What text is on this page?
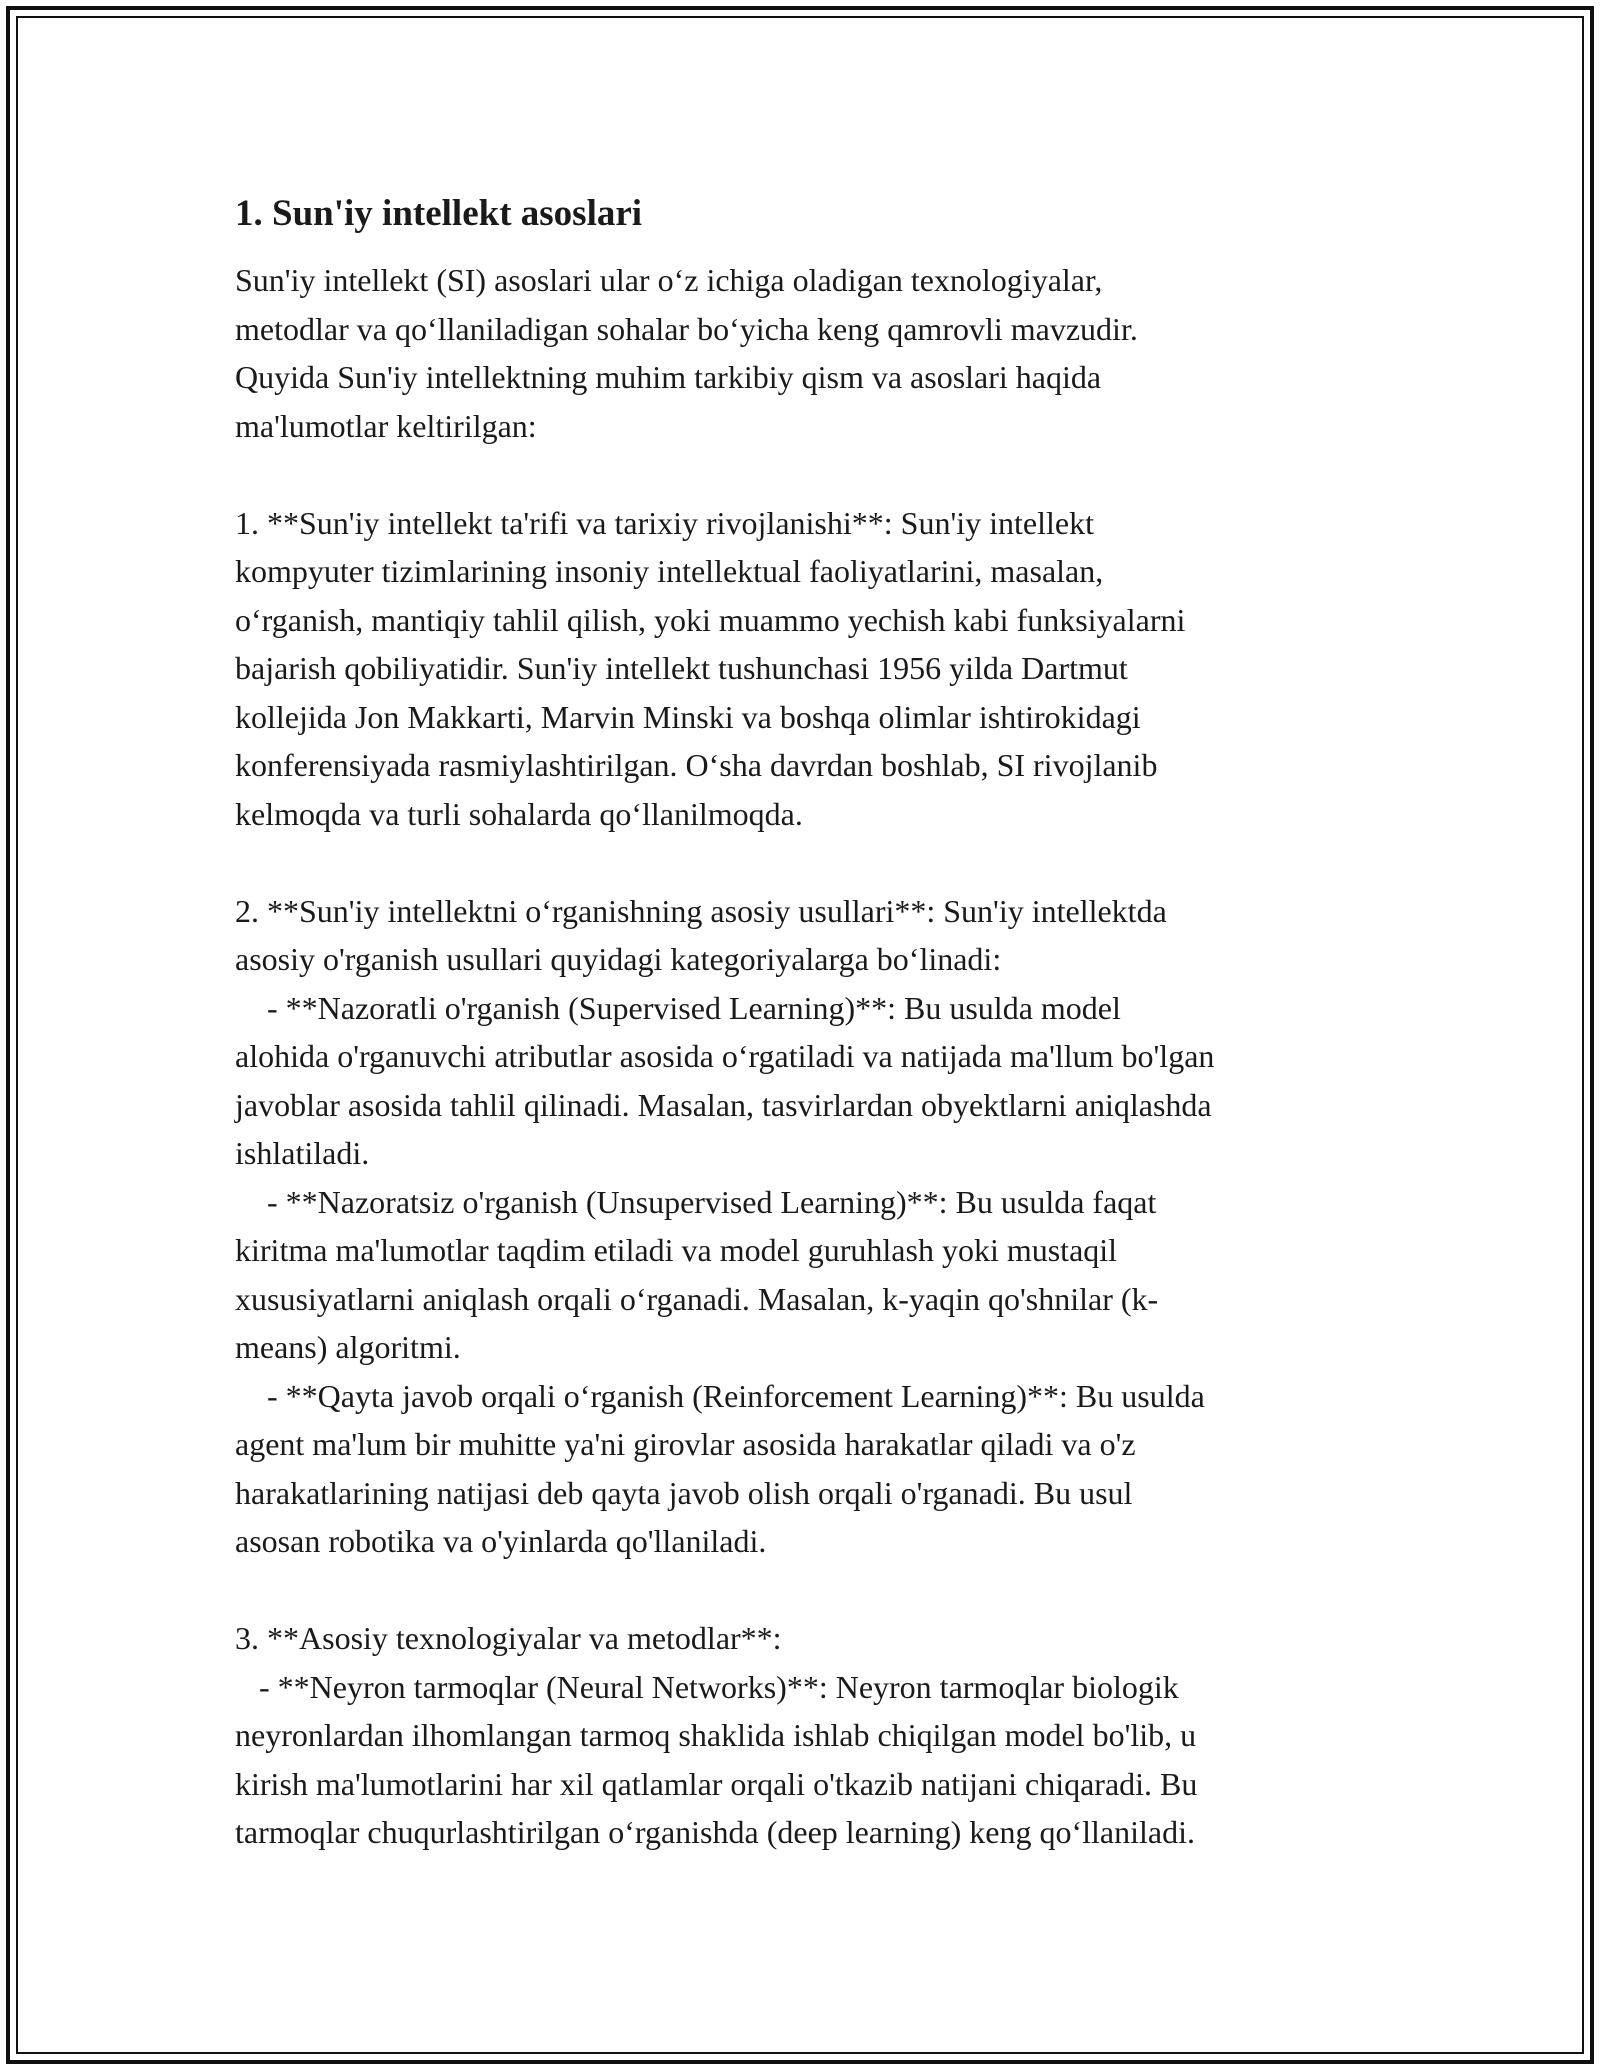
1. Sun'iy intellekt asoslari

Sun'iy intellekt (SI) asoslari ular o‘z ichiga oladigan texnologiyalar,
metodlar va qo‘llaniladigan sohalar bo‘yicha keng qamrovli mavzudir.
Quyida Sun'iy intellektning muhim tarkibiy qism va asoslari haqida
ma'lumotlar keltirilgan:

1. **Sun'iy intellekt ta'rifi va tarixiy rivojlanishi**: Sun'iy intellekt
kompyuter tizimlarining insoniy intellektual faoliyatlarini, masalan,
o‘rganish, mantiqiy tahlil qilish, yoki muammo yechish kabi funksiyalarni
bajarish qobiliyatidir. Sun'iy intellekt tushunchasi 1956 yilda Dartmut
kollejida Jon Makkarti, Marvin Minski va boshqa olimlar ishtirokidagi
konferensiyada rasmiylashtirilgan. O‘sha davrdan boshlab, SI rivojlanib
kelmoqda va turli sohalarda qo‘llanilmoqda.

2. **Sun'iy intellektni o‘rganishning asosiy usullari**: Sun'iy intellektda
asosiy o'rganish usullari quyidagi kategoriyalarga bo‘linadi:
- **Nazoratli o'rganish (Supervised Learning)**: Bu usulda model
alohida o'rganuvchi atributlar asosida o‘rgatiladi va natijada ma'llum bo'lgan
javoblar asosida tahlil qilinadi. Masalan, tasvirlardan obyektlarni aniqlashda
ishlatiladi.
- **Nazoratsiz o'rganish (Unsupervised Learning)**: Bu usulda faqat
kiritma ma'lumotlar taqdim etiladi va model guruhlash yoki mustaqil
xususiyatlarni aniqlash orqali o‘rganadi. Masalan, k-yaqin qo'shnilar (k-
means) algoritmi.
- **Qayta javob orqali o‘rganish (Reinforcement Learning)**: Bu usulda
agent ma'lum bir muhitte ya'ni girovlar asosida harakatlar qiladi va o'z
harakatlarining natijasi deb qayta javob olish orqali o'rganadi. Bu usul
asosan robotika va o'yinlarda qo'llaniladi.

3. **Asosiy texnologiyalar va metodlar**:
- **Neyron tarmoqlar (Neural Networks)**: Neyron tarmoqlar biologik
neyronlardan ilhomlangan tarmoq shaklida ishlab chiqilgan model bo'lib, u
kirish ma'lumotlarini har xil qatlamlar orqali o'tkazib natijani chiqaradi. Bu
tarmoqlar chuqurlashtirilgan o‘rganishda (deep learning) keng qo‘llaniladi.
